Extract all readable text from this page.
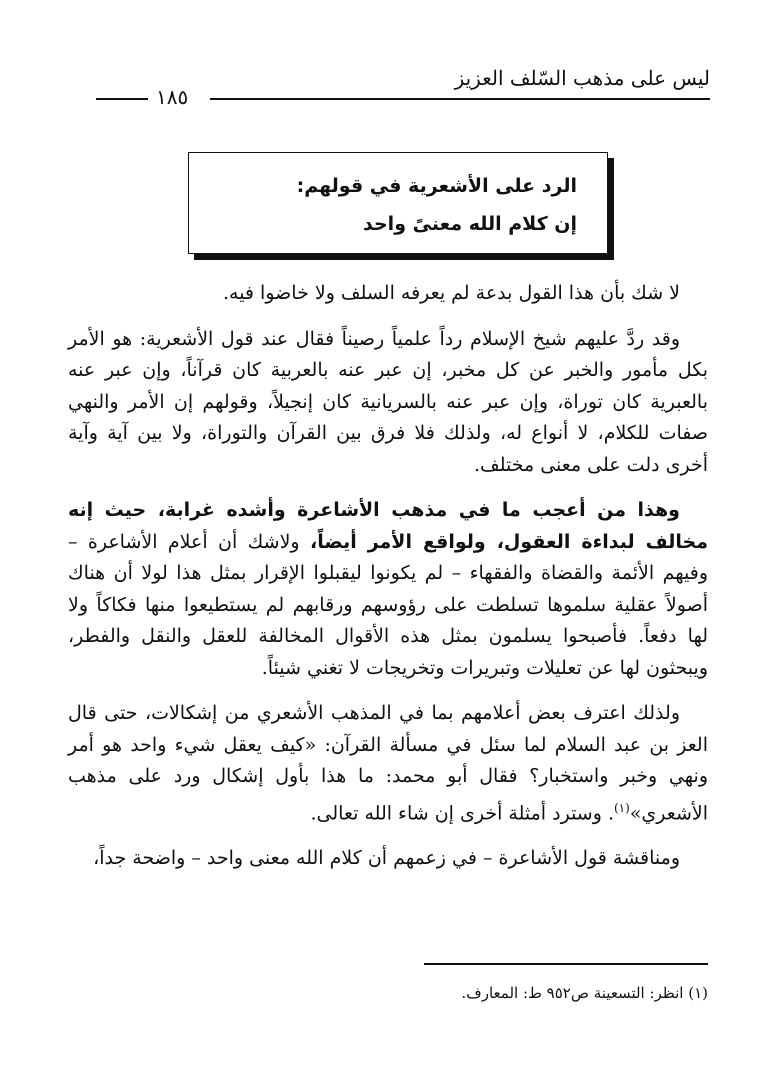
ليس على مذهب السّلف العزيز
١٨٥
الرد على الأشعرية في قولهم:
إن كلام الله معنىً واحد

لا شك بأن هذا القول بدعة لم يعرفه السلف ولا خاضوا فيه.

وقد ردَّ عليهم شيخ الإسلام رداً علمياً رصيناً فقال عند قول الأشعرية: هو الأمر بكل مأمور والخبر عن كل مخبر، إن عبر عنه بالعربية كان قرآناً، وإن عبر عنه بالعبرية كان توراة، وإن عبر عنه بالسريانية كان إنجيلاً، وقولهم إن الأمر والنهي صفات للكلام، لا أنواع له، ولذلك فلا فرق بين القرآن والتوراة، ولا بين آية وآية أخرى دلت على معنى مختلف.

وهذا من أعجب ما في مذهب الأشاعرة وأشده غرابة، حيث إنه مخالف لبداءة العقول، ولواقع الأمر أيضاً، ولاشك أن أعلام الأشاعرة – وفيهم الأئمة والقضاة والفقهاء – لم يكونوا ليقبلوا الإقرار بمثل هذا لولا أن هناك أصولاً عقلية سلموها تسلطت على رؤوسهم ورقابهم لم يستطيعوا منها فكاكاً ولا لها دفعاً. فأصبحوا يسلمون بمثل هذه الأقوال المخالفة للعقل والنقل والفطر، ويبحثون لها عن تعليلات وتبريرات وتخريجات لا تغني شيئاً.

ولذلك اعترف بعض أعلامهم بما في المذهب الأشعري من إشكالات، حتى قال العز بن عبد السلام لما سئل في مسألة القرآن: «كيف يعقل شيء واحد هو أمر ونهي وخبر واستخبار؟ فقال أبو محمد: ما هذا بأول إشكال ورد على مذهب الأشعري»$^{(١)}$. وسترد أمثلة أخرى إن شاء الله تعالى.

ومناقشة قول الأشاعرة – في زعمهم أن كلام الله معنى واحد – واضحة جداً،

(١) انظر: التسعينة ص٩٥٢ ط: المعارف.
